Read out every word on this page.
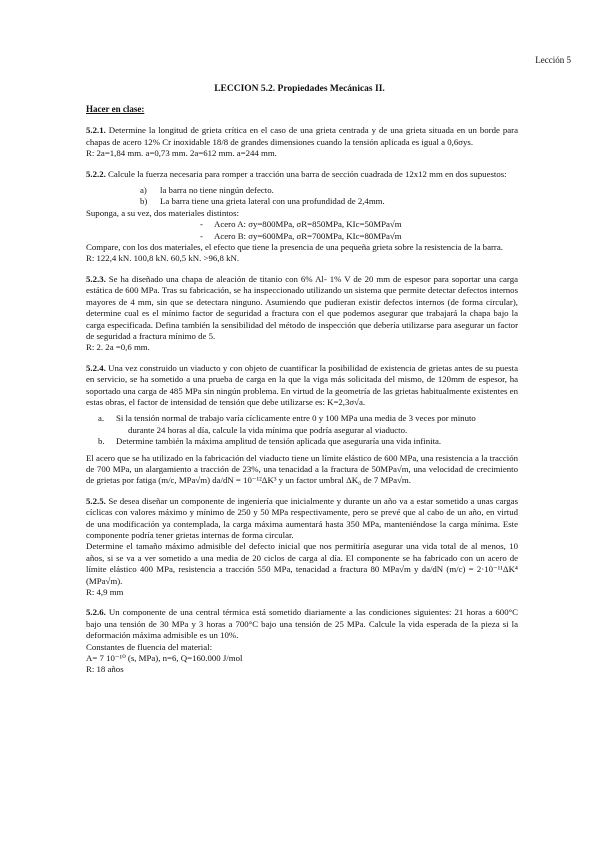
Lección 5
LECCION 5.2. Propiedades Mecánicas II.

Hacer en clase:

5.2.1. Determine la longitud de grieta crítica en el caso de una grieta centrada y de una grieta situada en un borde para chapas de acero 12% Cr inoxidable 18/8 de grandes dimensiones cuando la tensión aplicada es igual a 0,6σys.

R: 2a=1,84 mm. a=0,73 mm. 2a=612 mm. a=244 mm.

5.2.2. Calcule la fuerza necesaria para romper a tracción una barra de sección cuadrada de 12x12 mm en dos supuestos:

a) la barra no tiene ningún defecto.
b) La barra tiene una grieta lateral con una profundidad de 2,4mm.

Suponga, a su vez, dos materiales distintos:

- Acero A: σy=800MPa, σR=850MPa, KIc=50MPa√m
- Acero B: σy=600MPa, σR=700MPa, KIc=80MPa√m

Compare, con los dos materiales, el efecto que tiene la presencia de una pequeña grieta sobre la resistencia de la barra.

R: 122,4 kN. 100,8 kN. 60,5 kN. >96,8 kN.

5.2.3. Se ha diseñado una chapa de aleación de titanio con 6% Al- 1% V de 20 mm de espesor para soportar una carga estática de 600 MPa. Tras su fabricación, se ha inspeccionado utilizando un sistema que permite detectar defectos internos mayores de 4 mm, sin que se detectara ninguno. Asumiendo que pudieran existir defectos internos (de forma circular), determine cual es el mínimo factor de seguridad a fractura con el que podemos asegurar que trabajará la chapa bajo la carga especificada. Defina también la sensibilidad del método de inspección que debería utilizarse para asegurar un factor de seguridad a fractura mínimo de 5.

R: 2. 2a =0,6 mm.

5.2.4. Una vez construido un viaducto y con objeto de cuantificar la posibilidad de existencia de grietas antes de su puesta en servicio, se ha sometido a una prueba de carga en la que la viga más solicitada del mismo, de 120mm de espesor, ha soportado una carga de 485 MPa sin ningún problema. En virtud de la geometría de las grietas habitualmente existentes en estas obras, el factor de intensidad de tensión que debe utilizarse es: K=2,3σ√a.

a. Si la tensión normal de trabajo varía cíclicamente entre 0 y 100 MPa una media de 3 veces por minuto
durante 24 horas al día, calcule la vida mínima que podría asegurar al viaducto.
b. Determine también la máxima amplitud de tensión aplicada que aseguraría una vida infinita.

El acero que se ha utilizado en la fabricación del viaducto tiene un límite elástico de 600 MPa, una resistencia a la tracción de 700 MPa, un alargamiento a tracción de 23%, una tenacidad a la fractura de 50MPa√m, una velocidad de crecimiento de grietas por fatiga (m/c, MPa√m) da/dN = 10⁻¹²ΔK³ y un factor umbral ΔK₀ de 7 MPa√m.

5.2.5. Se desea diseñar un componente de ingeniería que inicialmente y durante un año va a estar sometido a unas cargas cíclicas con valores máximo y mínimo de 250 y 50 MPa respectivamente, pero se prevé que al cabo de un año, en virtud de una modificación ya contemplada, la carga máxima aumentará hasta 350 MPa, manteniéndose la carga mínima. Este componente podría tener grietas internas de forma circular.

Determine el tamaño máximo admisible del defecto inicial que nos permitiría asegurar una vida total de al menos, 10 años, si se va a ver sometido a una media de 20 ciclos de carga al día. El componente se ha fabricado con un acero de límite elástico 400 MPa, resistencia a tracción 550 MPa, tenacidad a fractura 80 MPa√m y da/dN (m/c) = 2·10⁻¹¹ΔK⁴ (MPa√m).

R: 4,9 mm

5.2.6. Un componente de una central térmica está sometido diariamente a las condiciones siguientes: 21 horas a 600°C bajo una tensión de 30 MPa y 3 horas a 700°C bajo una tensión de 25 MPa. Calcule la vida esperada de la pieza si la deformación máxima admisible es un 10%.

Constantes de fluencia del material:

A= 7 10⁻¹⁰ (s, MPa), n=6, Q=160.000 J/mol

R: 18 años
